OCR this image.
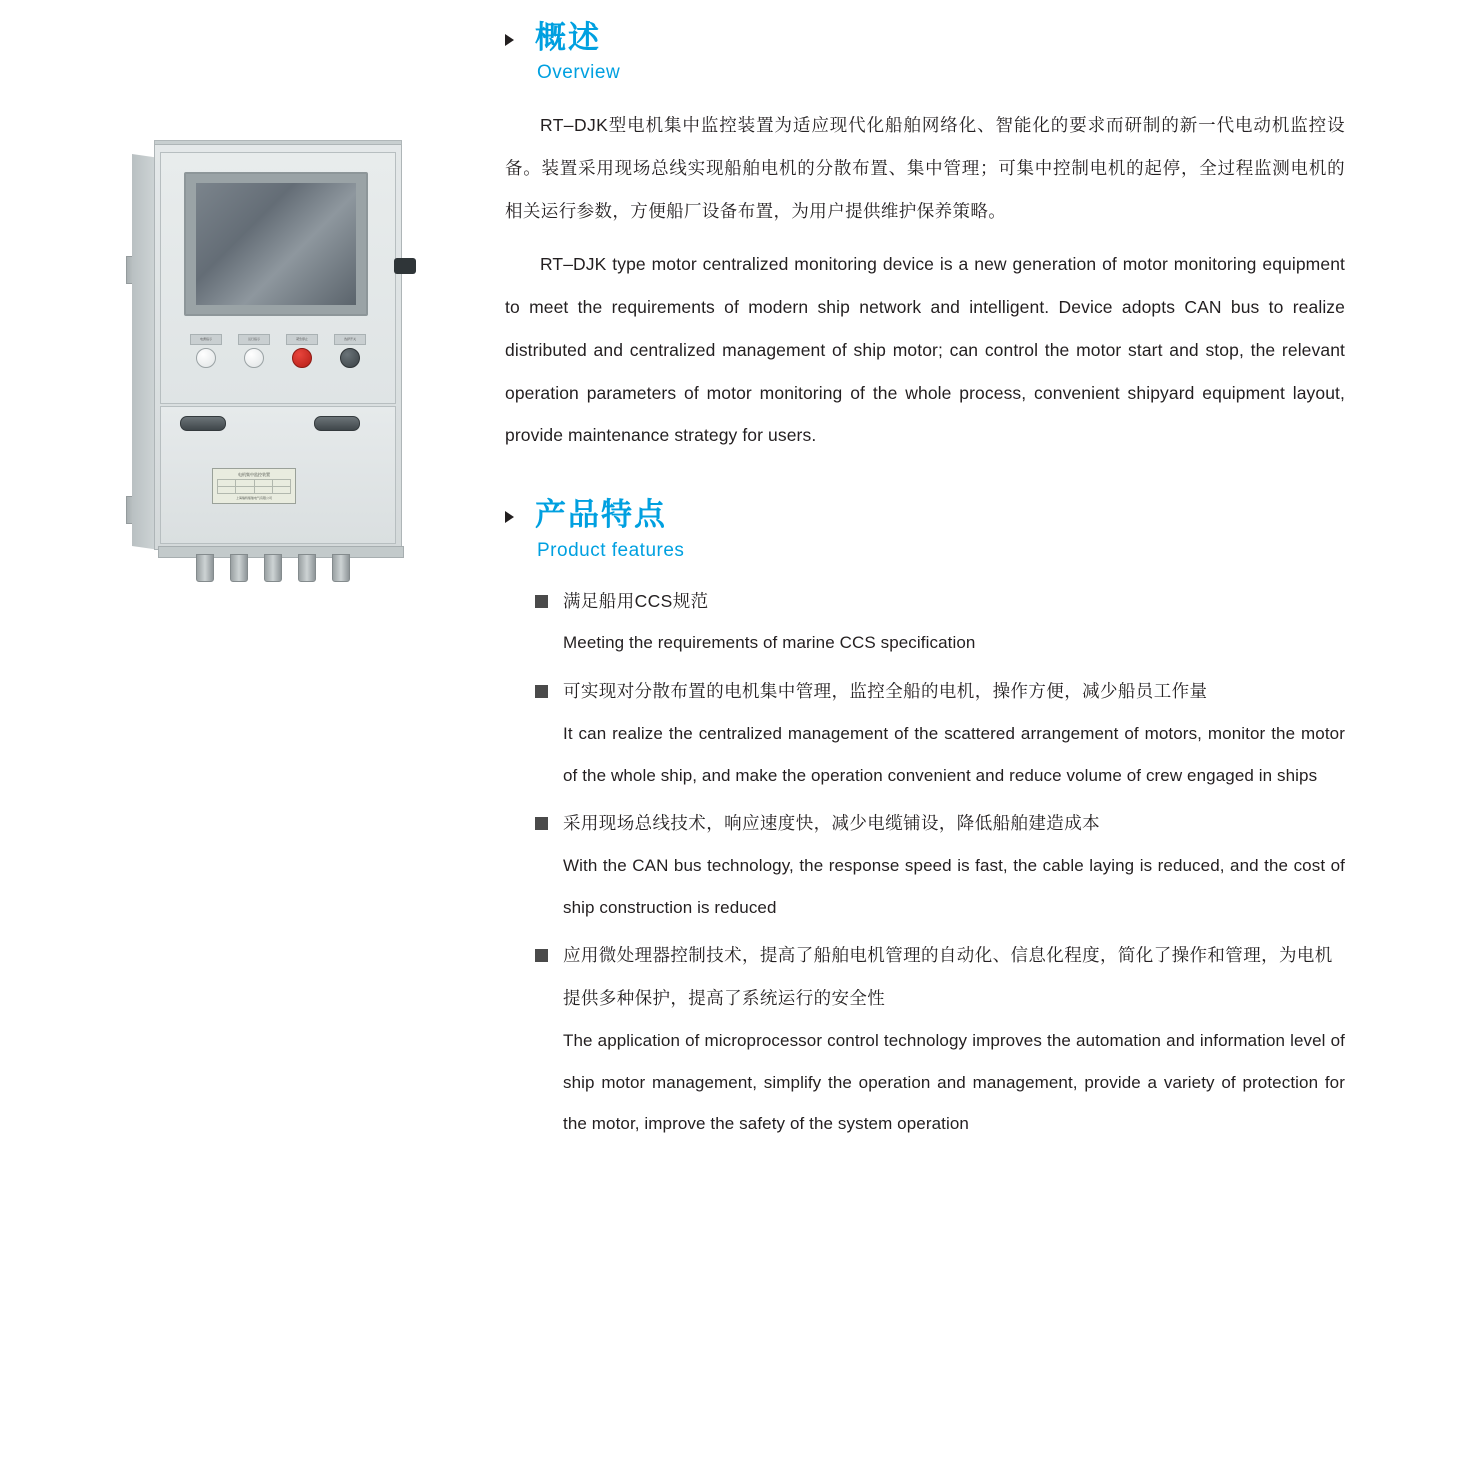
电源指示	运行指示	紧急停止	选择开关
电机集中监控装置
上海瑞特船舶电气有限公司
概述
Overview
RT‒DJK型电机集中监控装置为适应现代化船舶网络化、智能化的要求而研制的新一代电动机监控设备。装置采用现场总线实现船舶电机的分散布置、集中管理；可集中控制电机的起停，全过程监测电机的相关运行参数，方便船厂设备布置，为用户提供维护保养策略。
RT‒DJK type motor centralized monitoring device is a new generation of motor monitoring equipment to meet the requirements of modern ship network and intelligent. Device adopts CAN bus to realize distributed and centralized management of ship motor; can control the motor start and stop, the relevant operation parameters of motor monitoring of the whole process, convenient shipyard equipment layout, provide maintenance strategy for users.
产品特点
Product features
满足船用CCS规范
Meeting the requirements of marine CCS specification
可实现对分散布置的电机集中管理，监控全船的电机，操作方便，减少船员工作量
It can realize the centralized management of the scattered arrangement of motors, monitor the motor of the whole ship, and make the operation convenient and reduce volume of crew engaged in ships
采用现场总线技术，响应速度快，减少电缆铺设，降低船舶建造成本
With the CAN bus technology, the response speed is fast, the cable laying is reduced, and the cost of ship construction is reduced
应用微处理器控制技术，提高了船舶电机管理的自动化、信息化程度，简化了操作和管理，为电机提供多种保护，提高了系统运行的安全性
The application of microprocessor control technology improves the automation and information level of ship motor management, simplify the operation and management, provide a variety of protection for the motor, improve the safety of the system operation
